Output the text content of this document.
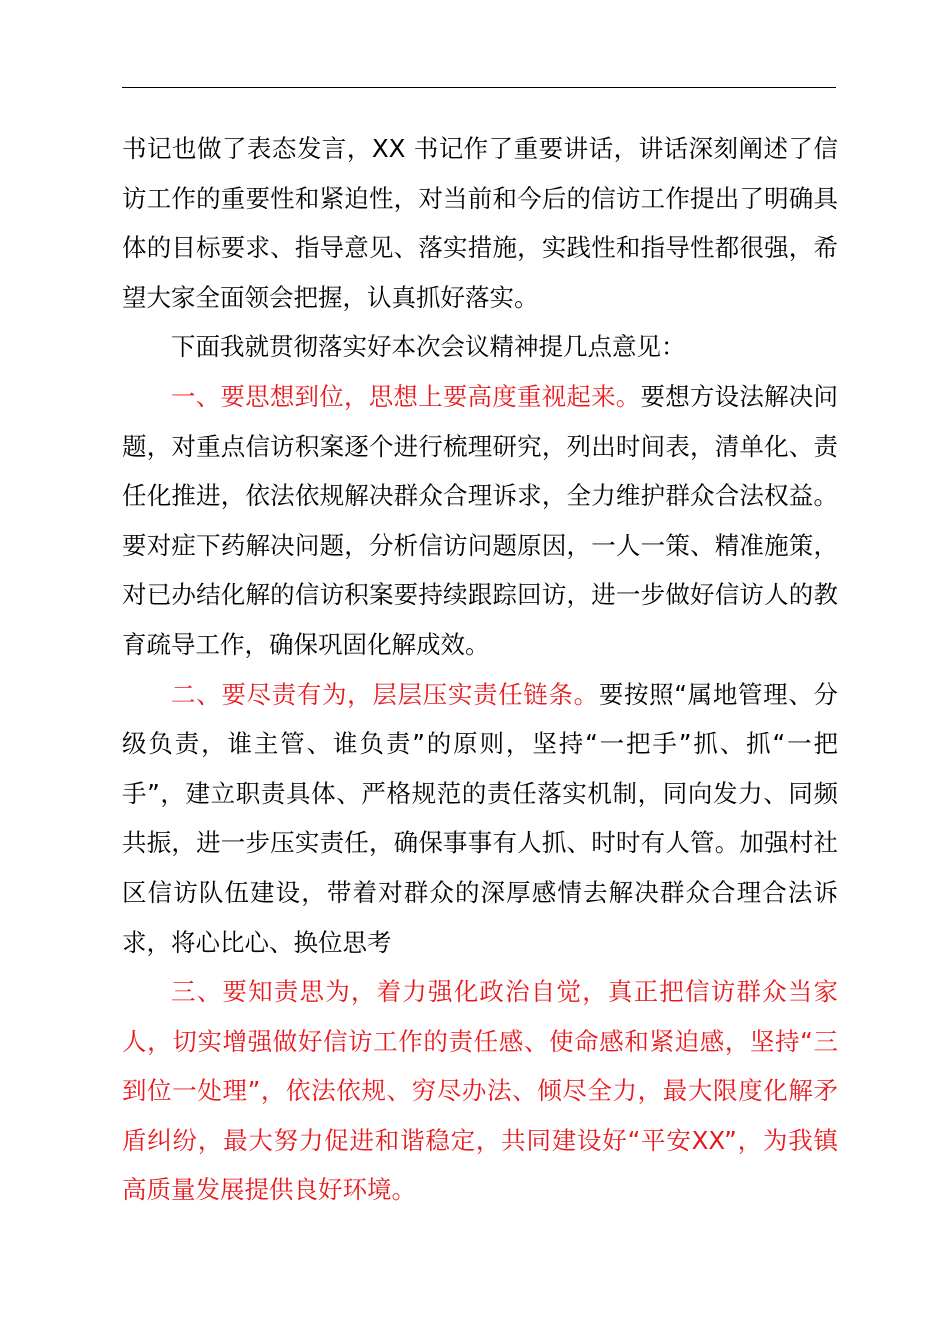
书记也做了表态发言，XX 书记作了重要讲话，讲话深刻阐述了信访工作的重要性和紧迫性，对当前和今后的信访工作提出了明确具体的目标要求、指导意见、落实措施，实践性和指导性都很强，希望大家全面领会把握，认真抓好落实。

下面我就贯彻落实好本次会议精神提几点意见：

一、要思想到位，思想上要高度重视起来。要想方设法解决问题，对重点信访积案逐个进行梳理研究，列出时间表，清单化、责任化推进，依法依规解决群众合理诉求，全力维护群众合法权益。要对症下药解决问题，分析信访问题原因，一人一策、精准施策，对已办结化解的信访积案要持续跟踪回访，进一步做好信访人的教育疏导工作，确保巩固化解成效。

二、要尽责有为，层层压实责任链条。要按照“属地管理、分级负责，谁主管、谁负责”的原则，坚持“一把手”抓、抓“一把手”，建立职责具体、严格规范的责任落实机制，同向发力、同频共振，进一步压实责任，确保事事有人抓、时时有人管。加强村社区信访队伍建设，带着对群众的深厚感情去解决群众合理合法诉求，将心比心、换位思考

三、要知责思为，着力强化政治自觉，真正把信访群众当家人，切实增强做好信访工作的责任感、使命感和紧迫感，坚持“三到位一处理”，依法依规、穷尽办法、倾尽全力，最大限度化解矛盾纠纷，最大努力促进和谐稳定，共同建设好“平安XX”，为我镇高质量发展提供良好环境。
